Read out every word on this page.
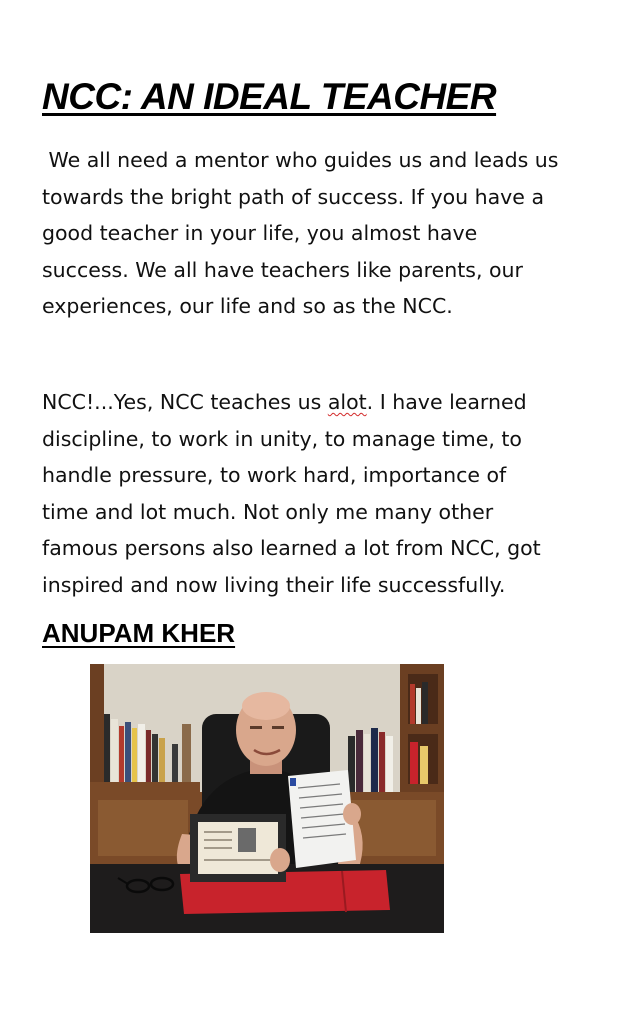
NCC: AN IDEAL TEACHER
We all need a mentor who guides us and leads us
towards the bright path of success. If you have a
good teacher in your life, you almost have
success. We all have teachers like parents, our
experiences, our life and so as the NCC.
NCC!...Yes, NCC teaches us alot. I have learned
discipline, to work in unity, to manage time, to
handle pressure, to work hard, importance of
time and lot much. Not only me many other
famous persons also learned a lot from NCC, got
inspired and now living their life successfully.
ANUPAM KHER
